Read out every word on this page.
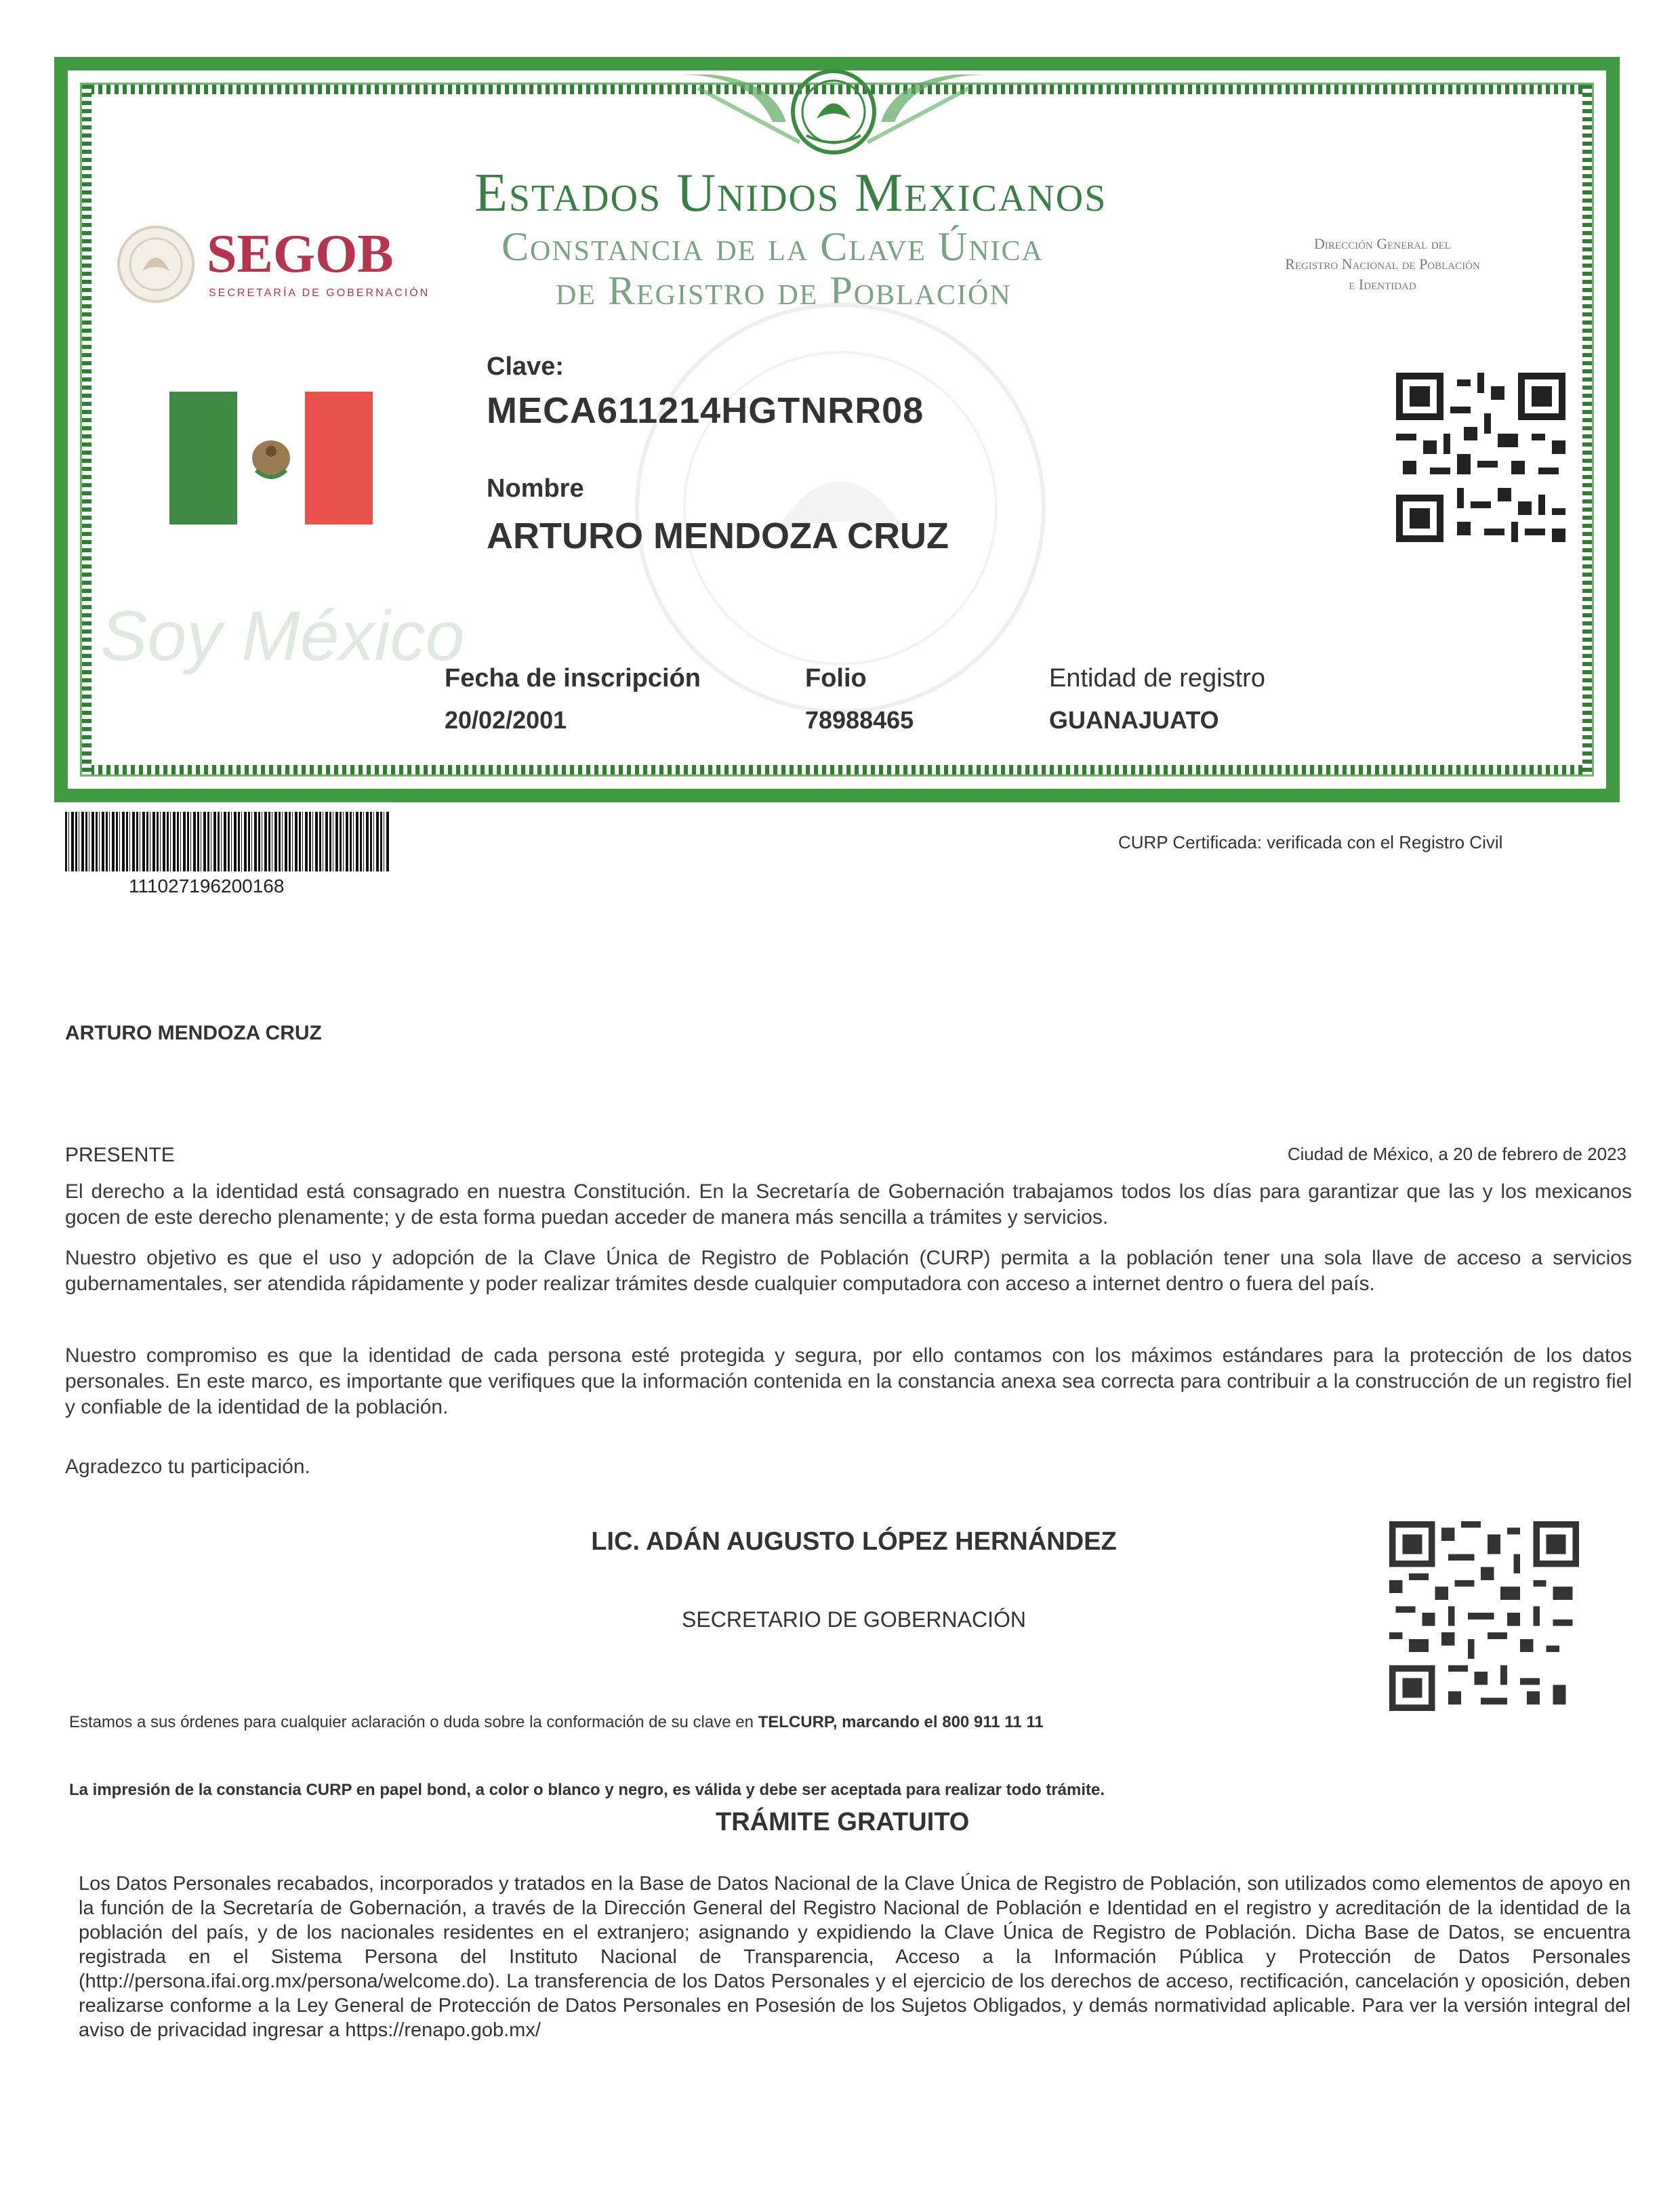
Estados Unidos Mexicanos
Constancia de la Clave Única
de Registro de Población
SEGOB
SECRETARÍA DE GOBERNACIÓN
Dirección General del
Registro Nacional de Población
e Identidad
Soy México
Clave:
MECA611214HGTNRR08
Nombre
ARTURO MENDOZA CRUZ
Fecha de inscripción
20/02/2001
Folio
78988465
Entidad de registro
GUANAJUATO
111027196200168
CURP Certificada: verificada con el Registro Civil
ARTURO MENDOZA CRUZ
PRESENTE	Ciudad de México, a 20 de febrero de 2023
El derecho a la identidad está consagrado en nuestra Constitución. En la Secretaría de Gobernación trabajamos todos los días para garantizar que las y los mexicanos gocen de este derecho plenamente; y de esta forma puedan acceder de manera más sencilla a trámites y servicios.
Nuestro objetivo es que el uso y adopción de la Clave Única de Registro de Población (CURP) permita a la población tener una sola llave de acceso a servicios gubernamentales, ser atendida rápidamente y poder realizar trámites desde cualquier computadora con acceso a internet dentro o fuera del país.
Nuestro compromiso es que la identidad de cada persona esté protegida y segura, por ello contamos con los máximos estándares para la protección de los datos personales. En este marco, es importante que verifiques que la información contenida en la constancia anexa sea correcta para contribuir a la construcción de un registro fiel y confiable de la identidad de la población.
Agradezco tu participación.
LIC. ADÁN AUGUSTO LÓPEZ HERNÁNDEZ
SECRETARIO DE GOBERNACIÓN
Estamos a sus órdenes para cualquier aclaración o duda sobre la conformación de su clave en TELCURP, marcando el 800 911 11 11
La impresión de la constancia CURP en papel bond, a color o blanco y negro, es válida y debe ser aceptada para realizar todo trámite.
TRÁMITE GRATUITO
Los Datos Personales recabados, incorporados y tratados en la Base de Datos Nacional de la Clave Única de Registro de Población, son utilizados como elementos de apoyo en la función de la Secretaría de Gobernación, a través de la Dirección General del Registro Nacional de Población e Identidad en el registro y acreditación de la identidad de la población del país, y de los nacionales residentes en el extranjero; asignando y expidiendo la Clave Única de Registro de Población. Dicha Base de Datos, se encuentra registrada en el Sistema Persona del Instituto Nacional de Transparencia, Acceso a la Información Pública y Protección de Datos Personales (http://persona.ifai.org.mx/persona/welcome.do). La transferencia de los Datos Personales y el ejercicio de los derechos de acceso, rectificación, cancelación y oposición, deben realizarse conforme a la Ley General de Protección de Datos Personales en Posesión de los Sujetos Obligados, y demás normatividad aplicable. Para ver la versión integral del aviso de privacidad ingresar a https://renapo.gob.mx/
